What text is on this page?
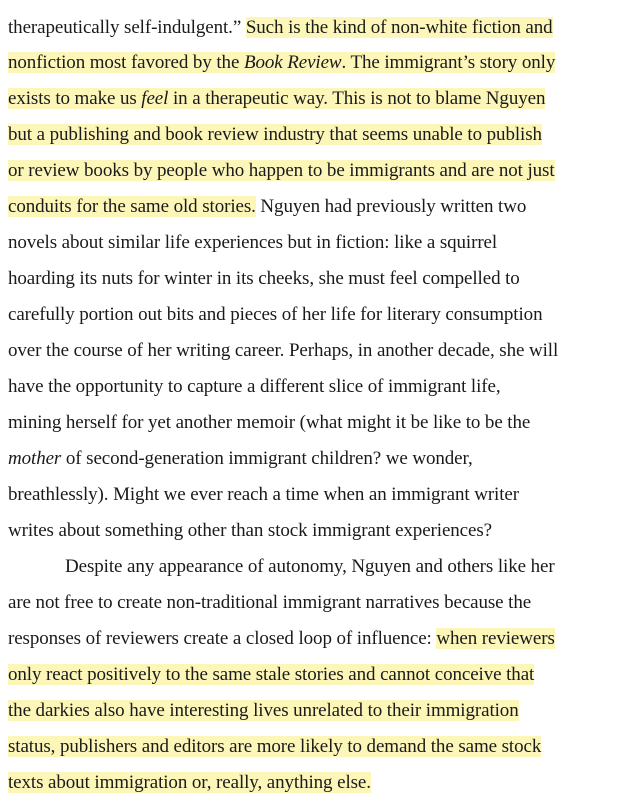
therapeutically self-indulgent.” Such is the kind of non-white fiction and
nonfiction most favored by the Book Review. The immigrant’s story only
exists to make us feel in a therapeutic way. This is not to blame Nguyen
but a publishing and book review industry that seems unable to publish
or review books by people who happen to be immigrants and are not just
conduits for the same old stories. Nguyen had previously written two
novels about similar life experiences but in fiction: like a squirrel
hoarding its nuts for winter in its cheeks, she must feel compelled to
carefully portion out bits and pieces of her life for literary consumption
over the course of her writing career. Perhaps, in another decade, she will
have the opportunity to capture a different slice of immigrant life,
mining herself for yet another memoir (what might it be like to be the
mother of second-generation immigrant children? we wonder,
breathlessly). Might we ever reach a time when an immigrant writer
writes about something other than stock immigrant experiences?
Despite any appearance of autonomy, Nguyen and others like her
are not free to create non-traditional immigrant narratives because the
responses of reviewers create a closed loop of influence: when reviewers
only react positively to the same stale stories and cannot conceive that
the darkies also have interesting lives unrelated to their immigration
status, publishers and editors are more likely to demand the same stock
texts about immigration or, really, anything else.
